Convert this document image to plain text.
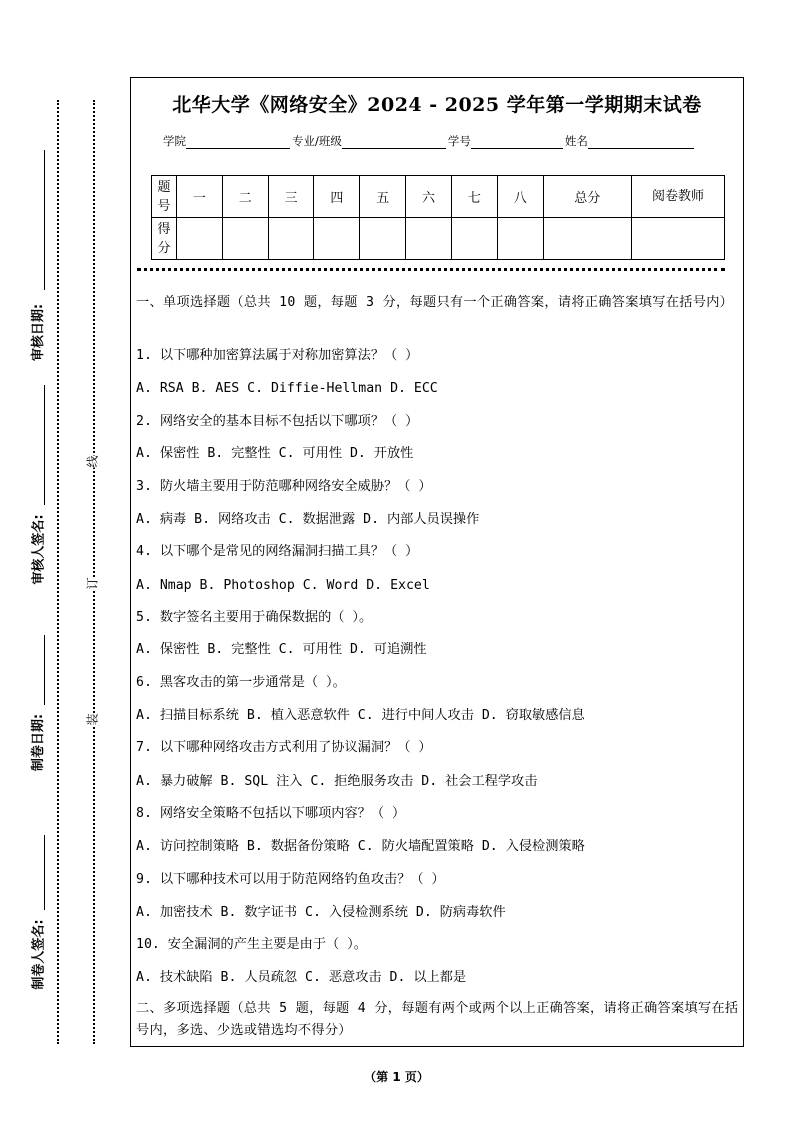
审核日期:
审核人签名:
制卷日期:
制卷人签名:
线
订
装
北华大学《网络安全》2024 - 2025 学年第一学期期末试卷
学院	专业/班级	学号	姓名
题号	一	二	三	四	五	六	七	八	总分	阅卷教师
得分										

一、单项选择题（总共 10 题，每题 3 分，每题只有一个正确答案，请将正确答案填写在括号内）

1. 以下哪种加密算法属于对称加密算法？（ ）

A. RSA B. AES C. Diffie-Hellman D. ECC

2. 网络安全的基本目标不包括以下哪项？（ ）

A. 保密性 B. 完整性 C. 可用性 D. 开放性

3. 防火墙主要用于防范哪种网络安全威胁？（ ）

A. 病毒 B. 网络攻击 C. 数据泄露 D. 内部人员误操作

4. 以下哪个是常见的网络漏洞扫描工具？（ ）

A. Nmap B. Photoshop C. Word D. Excel

5. 数字签名主要用于确保数据的（ ）。

A. 保密性 B. 完整性 C. 可用性 D. 可追溯性

6. 黑客攻击的第一步通常是（ ）。

A. 扫描目标系统 B. 植入恶意软件 C. 进行中间人攻击 D. 窃取敏感信息

7. 以下哪种网络攻击方式利用了协议漏洞？（ ）

A. 暴力破解 B. SQL 注入 C. 拒绝服务攻击 D. 社会工程学攻击

8. 网络安全策略不包括以下哪项内容？（ ）

A. 访问控制策略 B. 数据备份策略 C. 防火墙配置策略 D. 入侵检测策略

9. 以下哪种技术可以用于防范网络钓鱼攻击？（ ）

A. 加密技术 B. 数字证书 C. 入侵检测系统 D. 防病毒软件

10. 安全漏洞的产生主要是由于（ ）。

A. 技术缺陷 B. 人员疏忽 C. 恶意攻击 D. 以上都是

二、多项选择题（总共 5 题，每题 4 分，每题有两个或两个以上正确答案，请将正确答案填写在括号内，多选、少选或错选均不得分）

（第 1 页）
